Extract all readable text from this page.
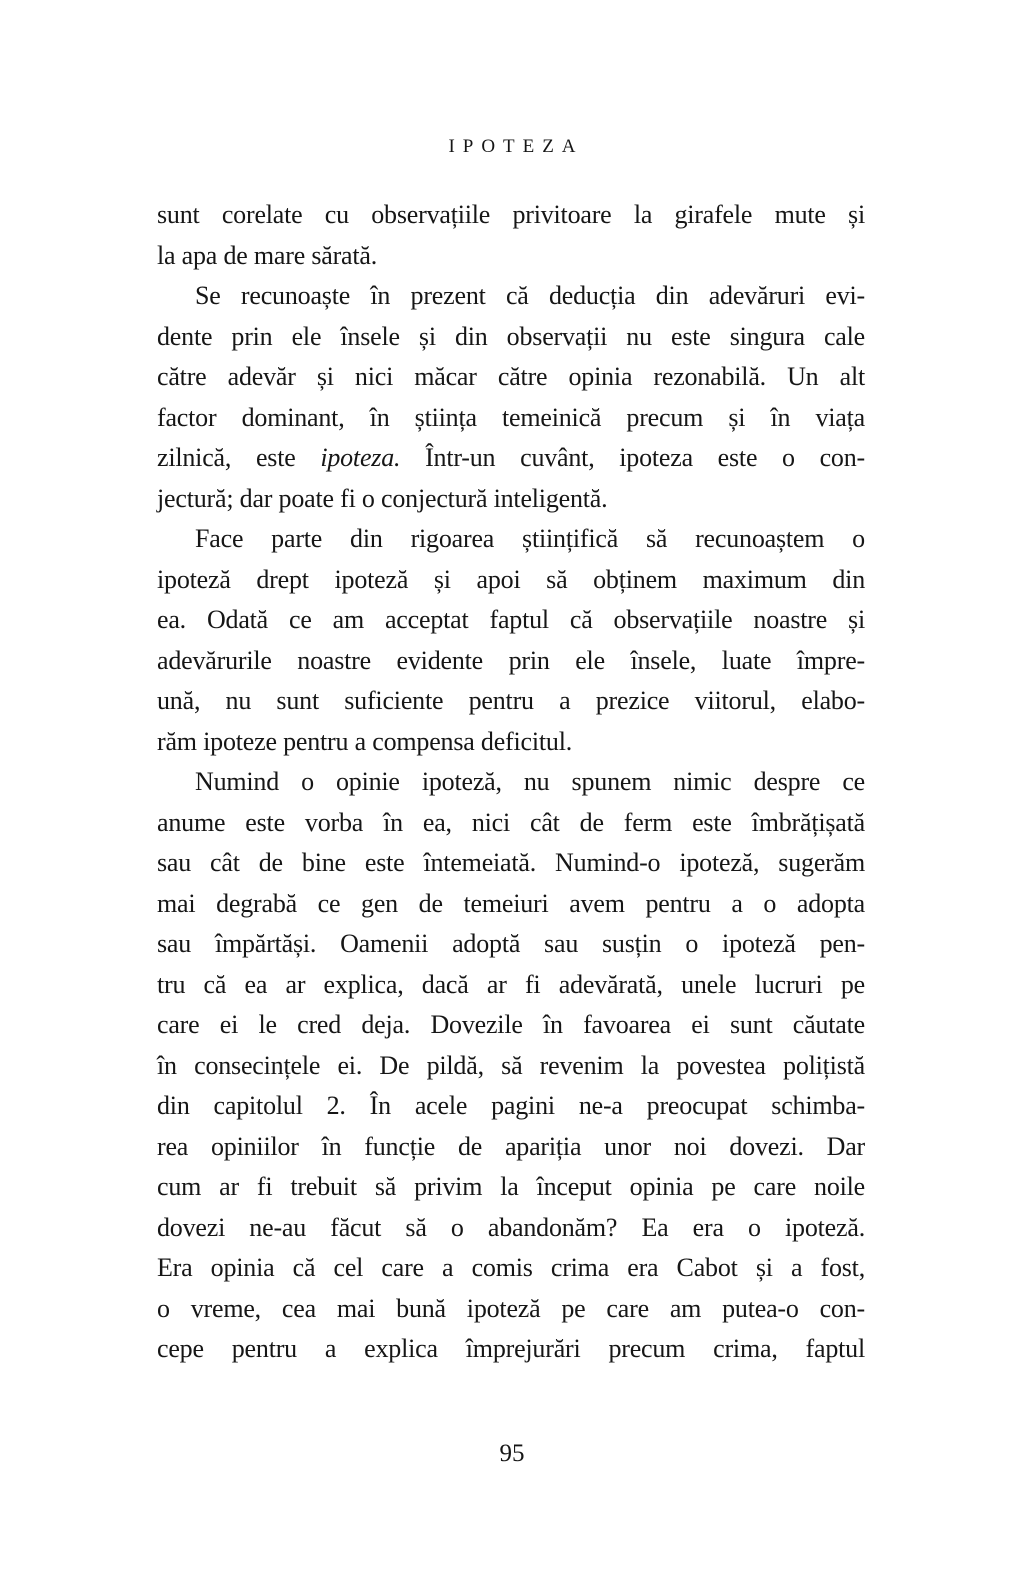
IPOTEZA
sunt corelate cu observațiile privitoare la girafele mute și
la apa de mare sărată.
Se recunoaște în prezent că deducția din adevăruri evi-
dente prin ele însele și din observații nu este singura cale
către adevăr și nici măcar către opinia rezonabilă. Un alt
factor dominant, în știința temeinică precum și în viața
zilnică, este ipoteza. Într-un cuvânt, ipoteza este o con-
jectură; dar poate fi o conjectură inteligentă.
Face parte din rigoarea științifică să recunoaștem o
ipoteză drept ipoteză și apoi să obținem maximum din
ea. Odată ce am acceptat faptul că observațiile noastre și
adevărurile noastre evidente prin ele însele, luate împre-
ună, nu sunt suficiente pentru a prezice viitorul, elabo-
răm ipoteze pentru a compensa deficitul.
Numind o opinie ipoteză, nu spunem nimic despre ce
anume este vorba în ea, nici cât de ferm este îmbrățișată
sau cât de bine este întemeiată. Numind-o ipoteză, sugerăm
mai degrabă ce gen de temeiuri avem pentru a o adopta
sau împărtăși. Oamenii adoptă sau susțin o ipoteză pen-
tru că ea ar explica, dacă ar fi adevărată, unele lucruri pe
care ei le cred deja. Dovezile în favoarea ei sunt căutate
în consecințele ei. De pildă, să revenim la povestea polițistă
din capitolul 2. În acele pagini ne-a preocupat schimba-
rea opiniilor în funcție de apariția unor noi dovezi. Dar
cum ar fi trebuit să privim la început opinia pe care noile
dovezi ne-au făcut să o abandonăm? Ea era o ipoteză.
Era opinia că cel care a comis crima era Cabot și a fost,
o vreme, cea mai bună ipoteză pe care am putea-o con-
cepe pentru a explica împrejurări precum crima, faptul
95
